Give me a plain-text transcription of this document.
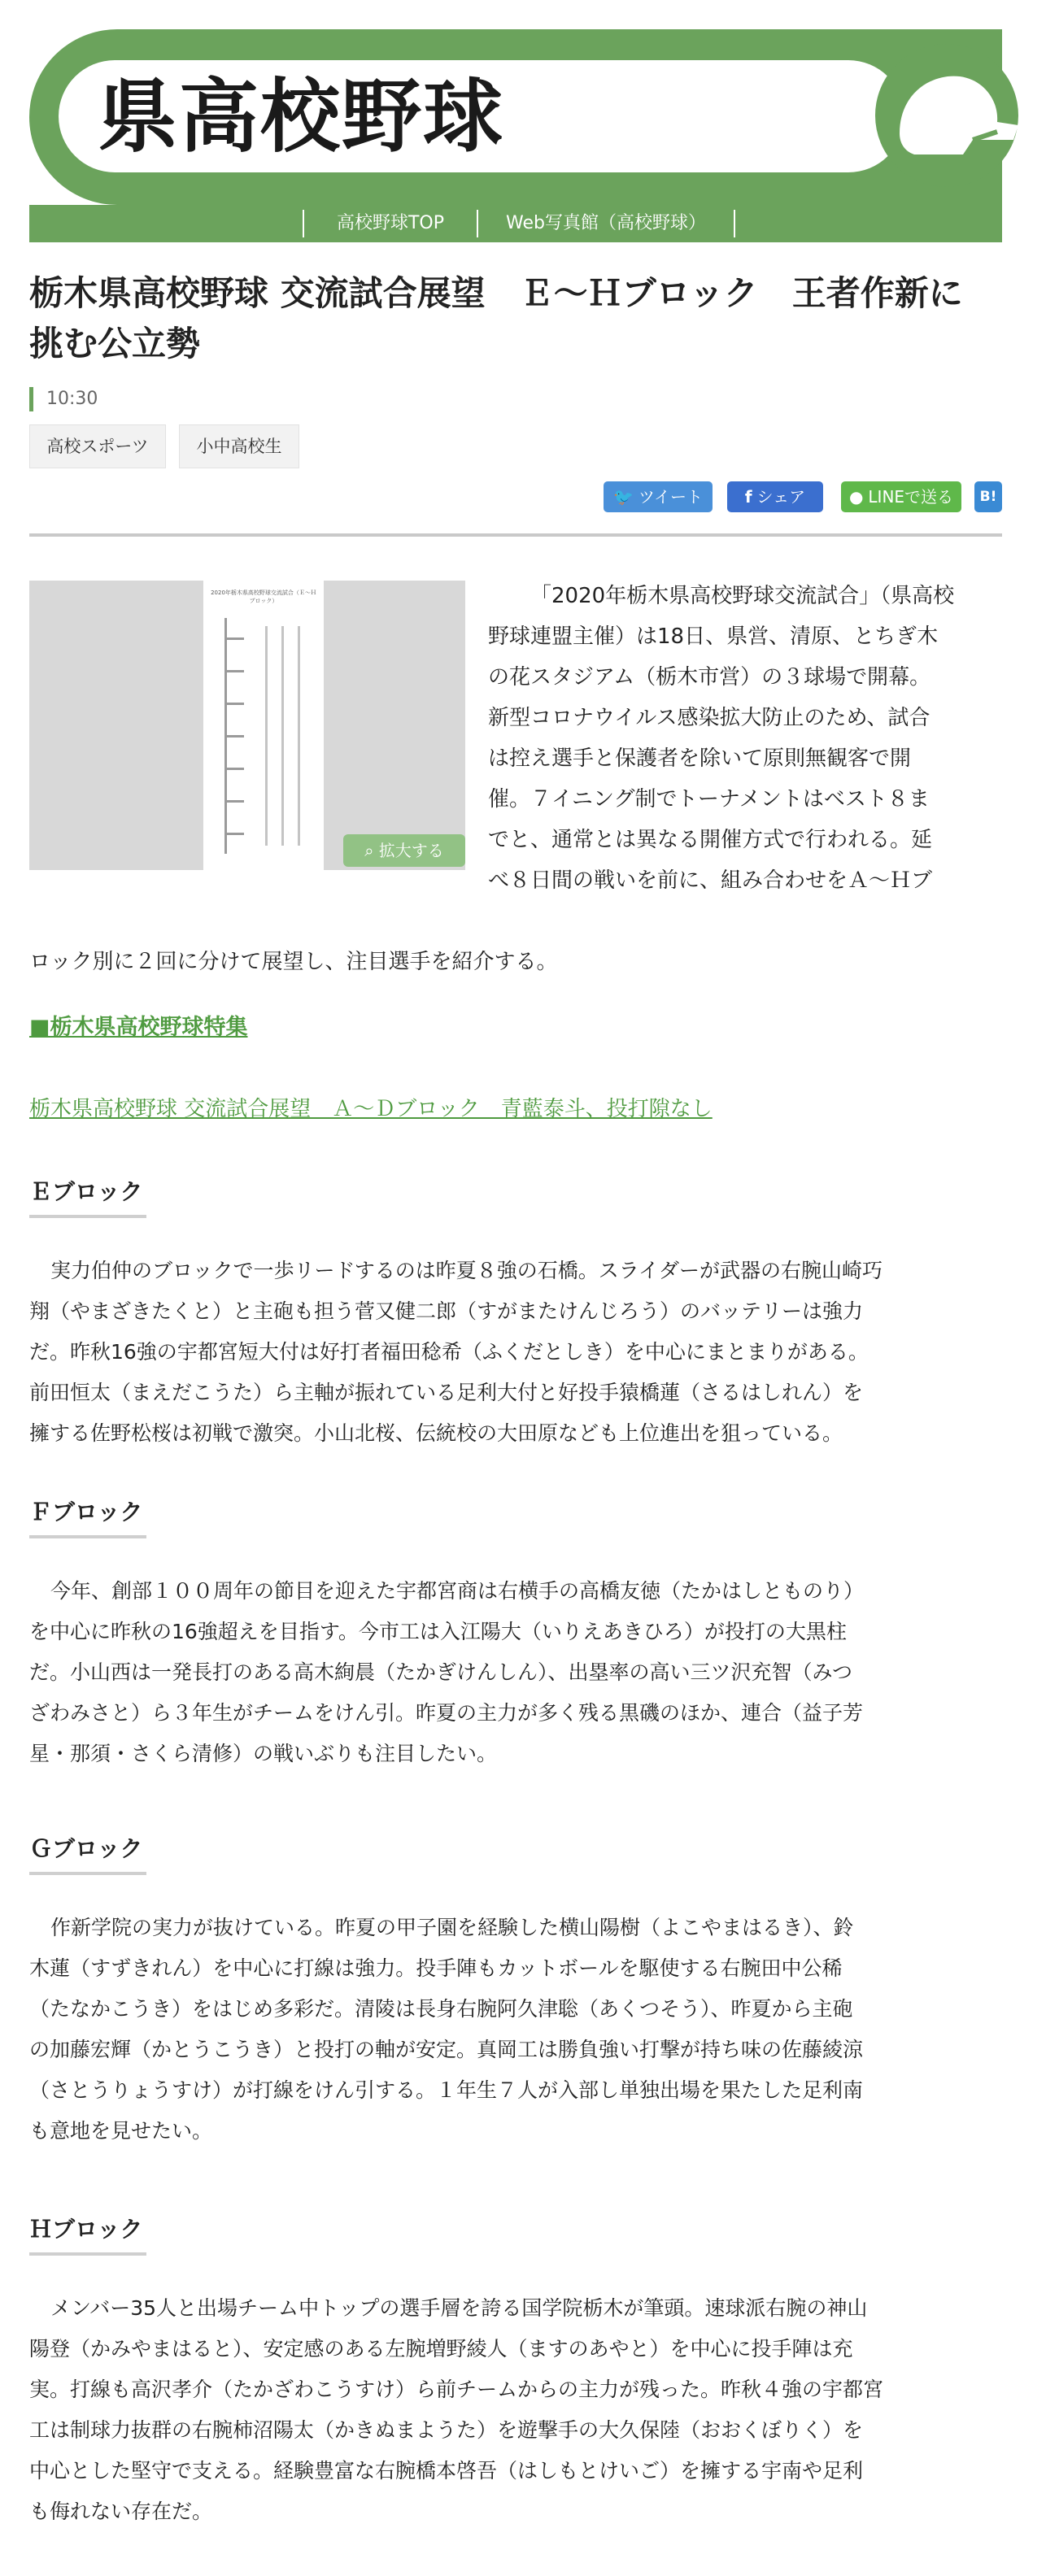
県高校野球
高校野球TOP	Web写真館（高校野球）
栃木県高校野球 交流試合展望　Ｅ〜Ｈブロック　王者作新に
挑む公立勢
10:30
高校スポーツ	小中高校生
🐦 ツイート	f シェア	● LINEで送る	B!
2020年栃木県高校野球交流試合（Ｅ〜Ｈブロック）
⌕ 拡大する
「2020年栃木県高校野球交流試合」（県高校
野球連盟主催）は18日、県営、清原、とちぎ木
の花スタジアム（栃木市営）の３球場で開幕。
新型コロナウイルス感染拡大防止のため、試合
は控え選手と保護者を除いて原則無観客で開
催。７イニング制でトーナメントはベスト８ま
でと、通常とは異なる開催方式で行われる。延
べ８日間の戦いを前に、組み合わせをＡ〜Ｈブ
ロック別に２回に分けて展望し、注目選手を紹介する。
■栃木県高校野球特集
栃木県高校野球 交流試合展望　Ａ〜Ｄブロック　青藍泰斗、投打隙なし
Ｅブロック
実力伯仲のブロックで一歩リードするのは昨夏８強の石橋。スライダーが武器の右腕山崎巧
翔（やまざきたくと）と主砲も担う菅又健二郎（すがまたけんじろう）のバッテリーは強力
だ。昨秋16強の宇都宮短大付は好打者福田稔希（ふくだとしき）を中心にまとまりがある。
前田恒太（まえだこうた）ら主軸が振れている足利大付と好投手猿橋蓮（さるはしれん）を
擁する佐野松桜は初戦で激突。小山北桜、伝統校の大田原なども上位進出を狙っている。
Ｆブロック
今年、創部１００周年の節目を迎えた宇都宮商は右横手の高橋友徳（たかはしとものり）
を中心に昨秋の16強超えを目指す。今市工は入江陽大（いりえあきひろ）が投打の大黒柱
だ。小山西は一発長打のある高木絢晨（たかぎけんしん）、出塁率の高い三ツ沢充智（みつ
ざわみさと）ら３年生がチームをけん引。昨夏の主力が多く残る黒磯のほか、連合（益子芳
星・那須・さくら清修）の戦いぶりも注目したい。
Ｇブロック
作新学院の実力が抜けている。昨夏の甲子園を経験した横山陽樹（よこやまはるき）、鈴
木蓮（すずきれん）を中心に打線は強力。投手陣もカットボールを駆使する右腕田中公稀
（たなかこうき）をはじめ多彩だ。清陵は長身右腕阿久津聡（あくつそう）、昨夏から主砲
の加藤宏輝（かとうこうき）と投打の軸が安定。真岡工は勝負強い打撃が持ち味の佐藤綾涼
（さとうりょうすけ）が打線をけん引する。１年生７人が入部し単独出場を果たした足利南
も意地を見せたい。
Ｈブロック
メンバー35人と出場チーム中トップの選手層を誇る国学院栃木が筆頭。速球派右腕の神山
陽登（かみやまはると）、安定感のある左腕増野綾人（ますのあやと）を中心に投手陣は充
実。打線も高沢孝介（たかざわこうすけ）ら前チームからの主力が残った。昨秋４強の宇都宮
工は制球力抜群の右腕柿沼陽太（かきぬまようた）を遊撃手の大久保陸（おおくぼりく）を
中心とした堅守で支える。経験豊富な右腕橋本啓吾（はしもとけいご）を擁する宇南や足利
も侮れない存在だ。
